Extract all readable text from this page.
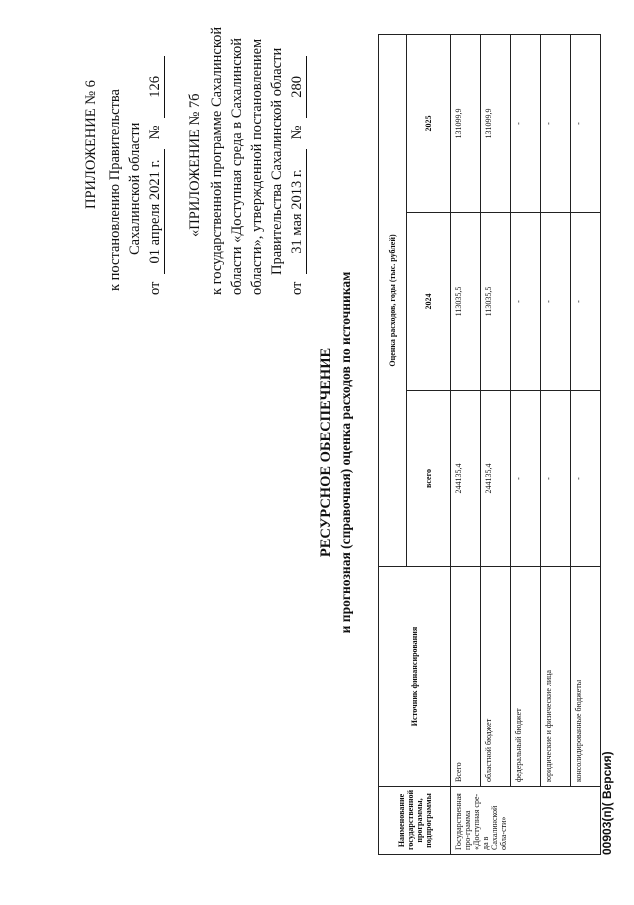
ПРИЛОЖЕНИЕ № 6 к постановлению Правительства Сахалинской области
от 01 апреля 2021 г. № 126
«ПРИЛОЖЕНИЕ № 7б к государственной программе Сахалинской области «Доступная среда в Сахалинской области», утвержденной постановлением Правительства Сахалинской области
от 31 мая 2013 г. № 280
РЕСУРСНОЕ ОБЕСПЕЧЕНИЕ и прогнозная (справочная) оценка расходов по источникам
Наименование государственной программы, подпрограммы	Источник финансирования	Оценка расходов, годы (тыс. рублей)		
		всего	2024	2025
Государственная про-грамма «Доступная сре-да в Сахалинской обла-сти»	Всего	244135,4	113035,5	131099,9
	областной бюджет	244135,4	113035,5	131099,9
	федеральный бюджет	-	-	-
	юридические и физические лица	-	-	-
	консолидированные бюджеты	-	-	-
00903(п)( Версия)
